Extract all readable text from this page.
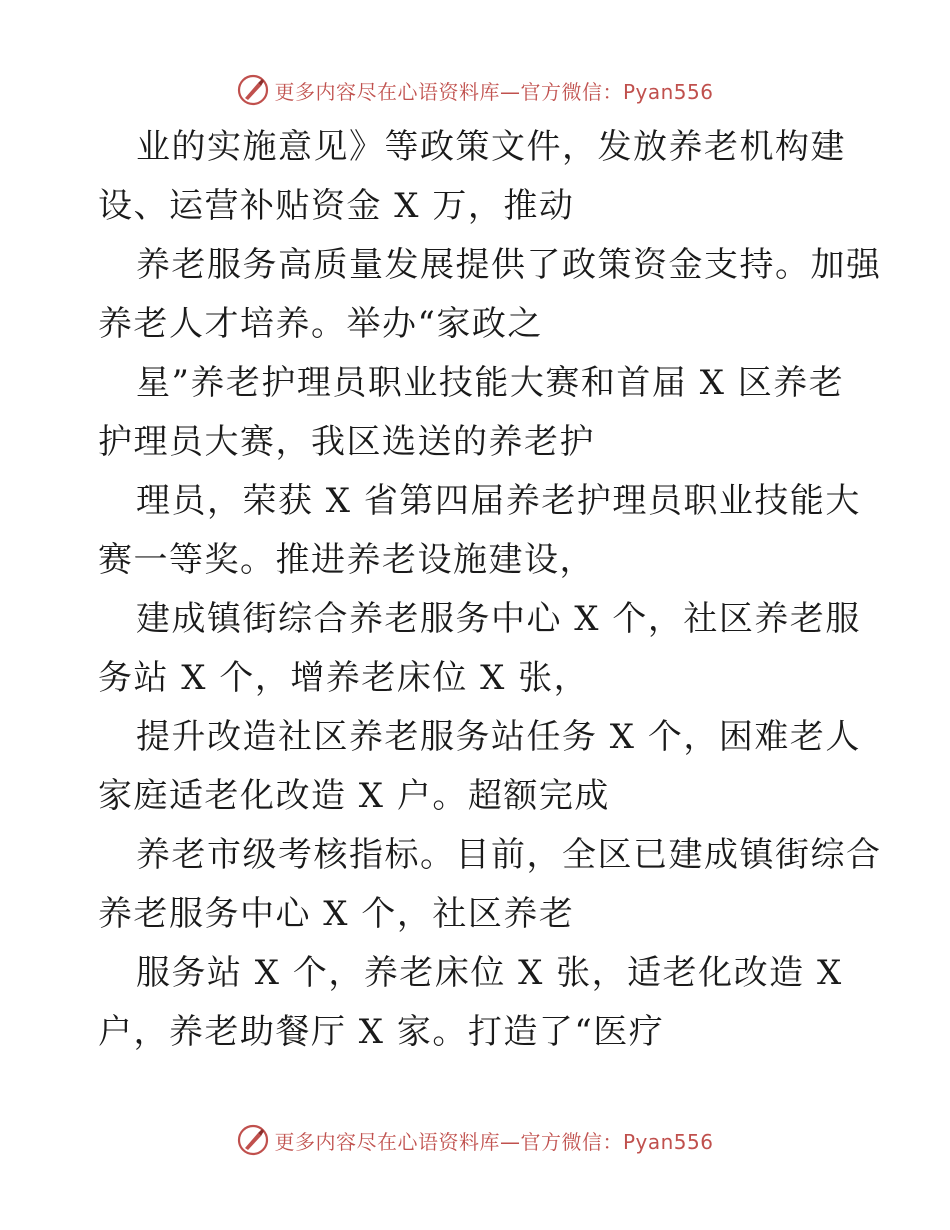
更多内容尽在心语资料库—官方微信：Pyan556
业的实施意见》等政策文件，发放养老机构建
设、运营补贴资金 X 万，推动
养老服务高质量发展提供了政策资金支持。加强
养老人才培养。举办“家政之
星”养老护理员职业技能大赛和首届 X 区养老
护理员大赛，我区选送的养老护
理员，荣获 X 省第四届养老护理员职业技能大
赛一等奖。推进养老设施建设，
建成镇街综合养老服务中心 X 个，社区养老服
务站 X 个，增养老床位 X 张，
提升改造社区养老服务站任务 X 个，困难老人
家庭适老化改造 X 户。超额完成
养老市级考核指标。目前，全区已建成镇街综合
养老服务中心 X 个，社区养老
服务站 X 个，养老床位 X 张，适老化改造 X
户，养老助餐厅 X 家。打造了“医疗
更多内容尽在心语资料库—官方微信：Pyan556
